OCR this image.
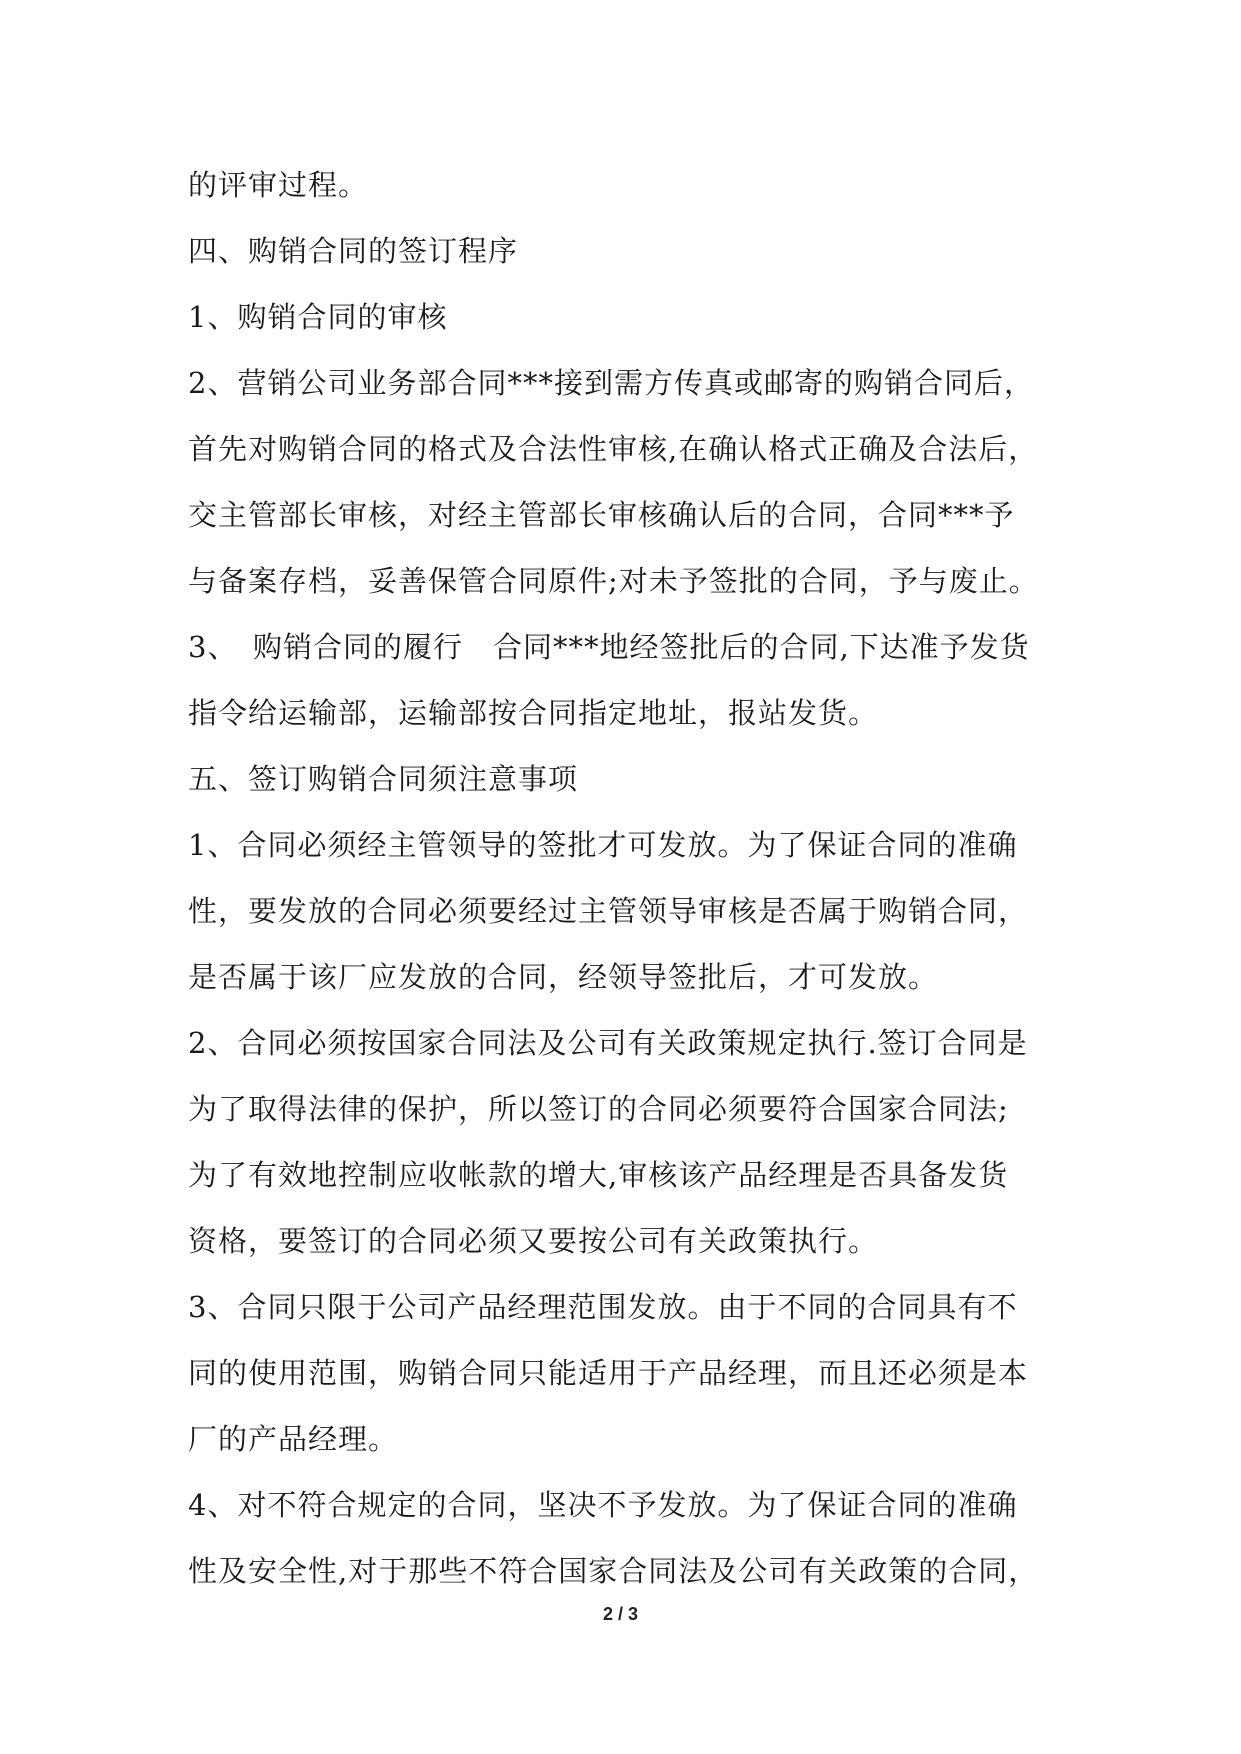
的评审过程。
四、购销合同的签订程序
1、购销合同的审核
2、营销公司业务部合同***接到需方传真或邮寄的购销合同后，
首先对购销合同的格式及合法性审核,在确认格式正确及合法后，
交主管部长审核，对经主管部长审核确认后的合同，合同***予
与备案存档，妥善保管合同原件;对未予签批的合同，予与废止。
3、　购销合同的履行　合同***地经签批后的合同,下达准予发货
指令给运输部，运输部按合同指定地址，报站发货。
五、签订购销合同须注意事项
1、合同必须经主管领导的签批才可发放。为了保证合同的准确
性，要发放的合同必须要经过主管领导审核是否属于购销合同，
是否属于该厂应发放的合同，经领导签批后，才可发放。
2、合同必须按国家合同法及公司有关政策规定执行.签订合同是
为了取得法律的保护，所以签订的合同必须要符合国家合同法;
为了有效地控制应收帐款的增大,审核该产品经理是否具备发货
资格，要签订的合同必须又要按公司有关政策执行。
3、合同只限于公司产品经理范围发放。由于不同的合同具有不
同的使用范围，购销合同只能适用于产品经理，而且还必须是本
厂的产品经理。
4、对不符合规定的合同，坚决不予发放。为了保证合同的准确
性及安全性,对于那些不符合国家合同法及公司有关政策的合同，
2 / 3
